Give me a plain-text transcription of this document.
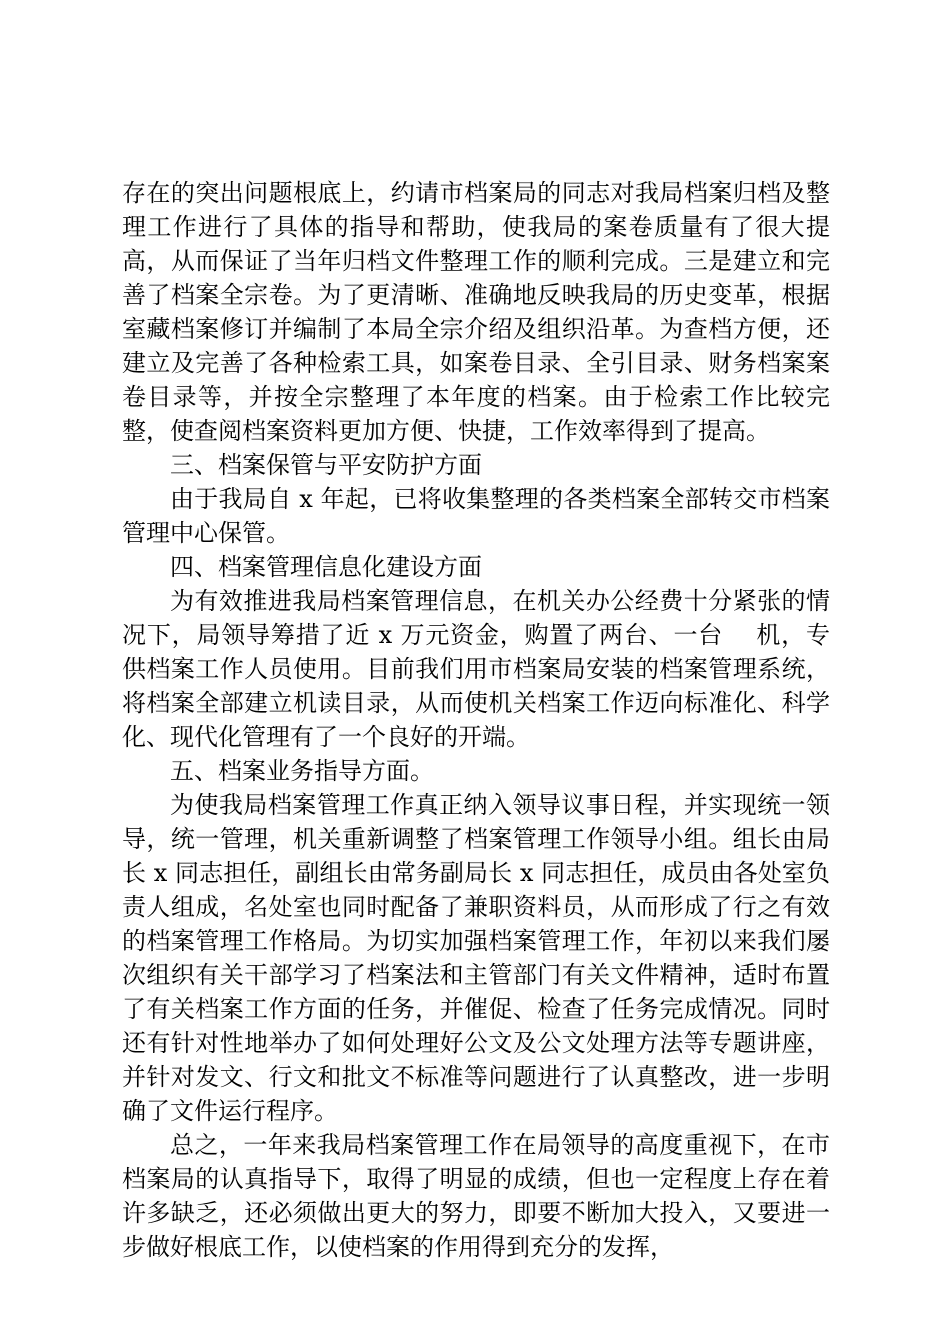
存在的突出问题根底上，约请市档案局的同志对我局档案归档及整理工作进行了具体的指导和帮助，使我局的案卷质量有了很大提高，从而保证了当年归档文件整理工作的顺利完成。三是建立和完善了档案全宗卷。为了更清晰、准确地反映我局的历史变革，根据室藏档案修订并编制了本局全宗介绍及组织沿革。为查档方便，还建立及完善了各种检索工具，如案卷目录、全引目录、财务档案案卷目录等，并按全宗整理了本年度的档案。由于检索工作比较完整，使查阅档案资料更加方便、快捷，工作效率得到了提高。

三、档案保管与平安防护方面

由于我局自 x 年起，已将收集整理的各类档案全部转交市档案管理中心保管。

四、档案管理信息化建设方面

为有效推进我局档案管理信息，在机关办公经费十分紧张的情况下，局领导筹措了近 x 万元资金，购置了两台、一台　 机，专供档案工作人员使用。目前我们用市档案局安装的档案管理系统，将档案全部建立机读目录，从而使机关档案工作迈向标准化、科学化、现代化管理有了一个良好的开端。

五、档案业务指导方面。

为使我局档案管理工作真正纳入领导议事日程，并实现统一领导，统一管理，机关重新调整了档案管理工作领导小组。组长由局长 x 同志担任，副组长由常务副局长 x 同志担任，成员由各处室负责人组成，名处室也同时配备了兼职资料员，从而形成了行之有效的档案管理工作格局。为切实加强档案管理工作，年初以来我们屡次组织有关干部学习了档案法和主管部门有关文件精神，适时布置了有关档案工作方面的任务，并催促、检查了任务完成情况。同时还有针对性地举办了如何处理好公文及公文处理方法等专题讲座，并针对发文、行文和批文不标准等问题进行了认真整改，进一步明确了文件运行程序。

总之，一年来我局档案管理工作在局领导的高度重视下，在市档案局的认真指导下，取得了明显的成绩，但也一定程度上存在着许多缺乏，还必须做出更大的努力，即要不断加大投入，又要进一步做好根底工作，以使档案的作用得到充分的发挥，
